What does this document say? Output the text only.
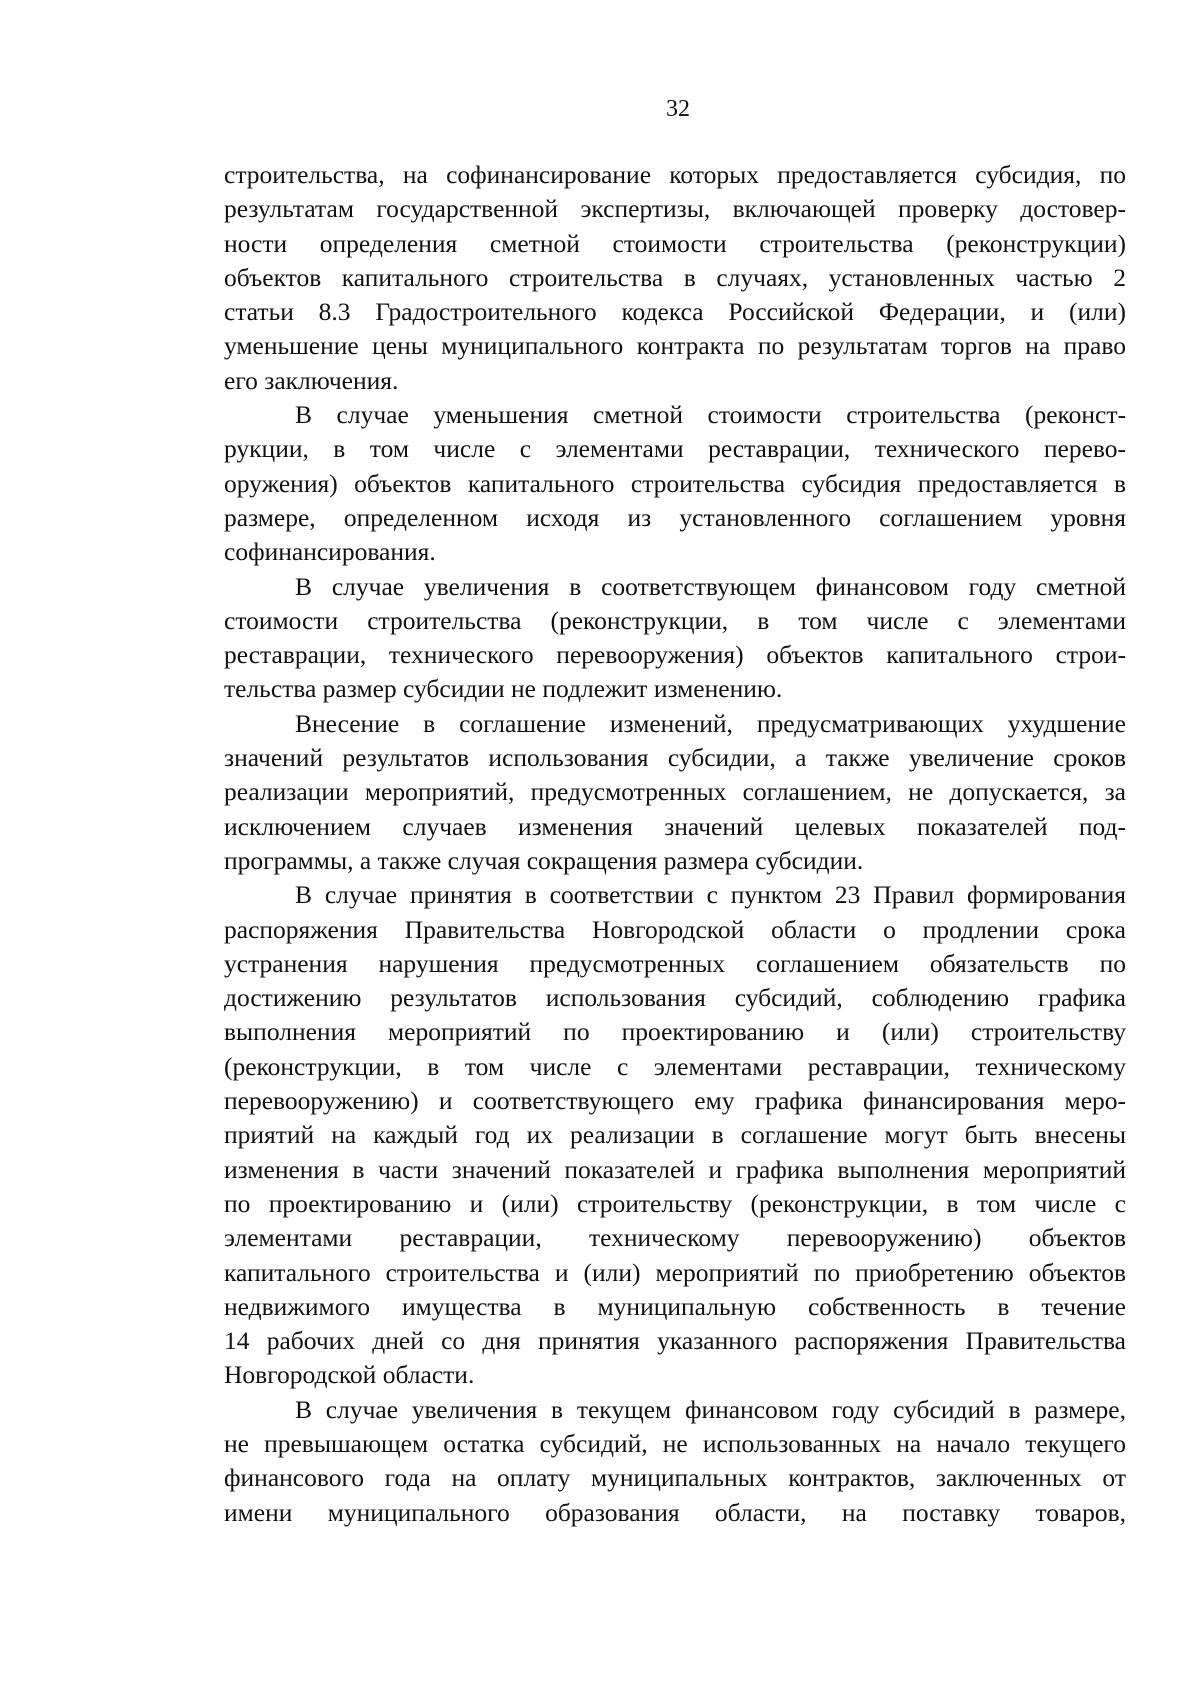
32
строительства, на софинансирование которых предоставляется субсидия, по
результатам государственной экспертизы, включающей проверку достовер-
ности определения сметной стоимости строительства (реконструкции)
объектов капитального строительства в случаях, установленных частью 2
статьи 8.3 Градостроительного кодекса Российской Федерации, и (или)
уменьшение цены муниципального контракта по результатам торгов на право
его заключения.
В случае уменьшения сметной стоимости строительства (реконст-
рукции, в том числе с элементами реставрации, технического перево-
оружения) объектов капитального строительства субсидия предоставляется в
размере, определенном исходя из установленного соглашением уровня
софинансирования.
В случае увеличения в соответствующем финансовом году сметной
стоимости строительства (реконструкции, в том числе с элементами
реставрации, технического перевооружения) объектов капитального строи-
тельства размер субсидии не подлежит изменению.
Внесение в соглашение изменений, предусматривающих ухудшение
значений результатов использования субсидии, а также увеличение сроков
реализации мероприятий, предусмотренных соглашением, не допускается, за
исключением случаев изменения значений целевых показателей под-
программы, а также случая сокращения размера субсидии.
В случае принятия в соответствии с пунктом 23 Правил формирования
распоряжения Правительства Новгородской области о продлении срока
устранения нарушения предусмотренных соглашением обязательств по
достижению результатов использования субсидий, соблюдению графика
выполнения мероприятий по проектированию и (или) строительству
(реконструкции, в том числе с элементами реставрации, техническому
перевооружению) и соответствующего ему графика финансирования меро-
приятий на каждый год их реализации в соглашение могут быть внесены
изменения в части значений показателей и графика выполнения мероприятий
по проектированию и (или) строительству (реконструкции, в том числе с
элементами реставрации, техническому перевооружению) объектов
капитального строительства и (или) мероприятий по приобретению объектов
недвижимого имущества в муниципальную собственность в течение
14 рабочих дней со дня принятия указанного распоряжения Правительства
Новгородской области.
В случае увеличения в текущем финансовом году субсидий в размере,
не превышающем остатка субсидий, не использованных на начало текущего
финансового года на оплату муниципальных контрактов, заключенных от
имени муниципального образования области, на поставку товаров,
